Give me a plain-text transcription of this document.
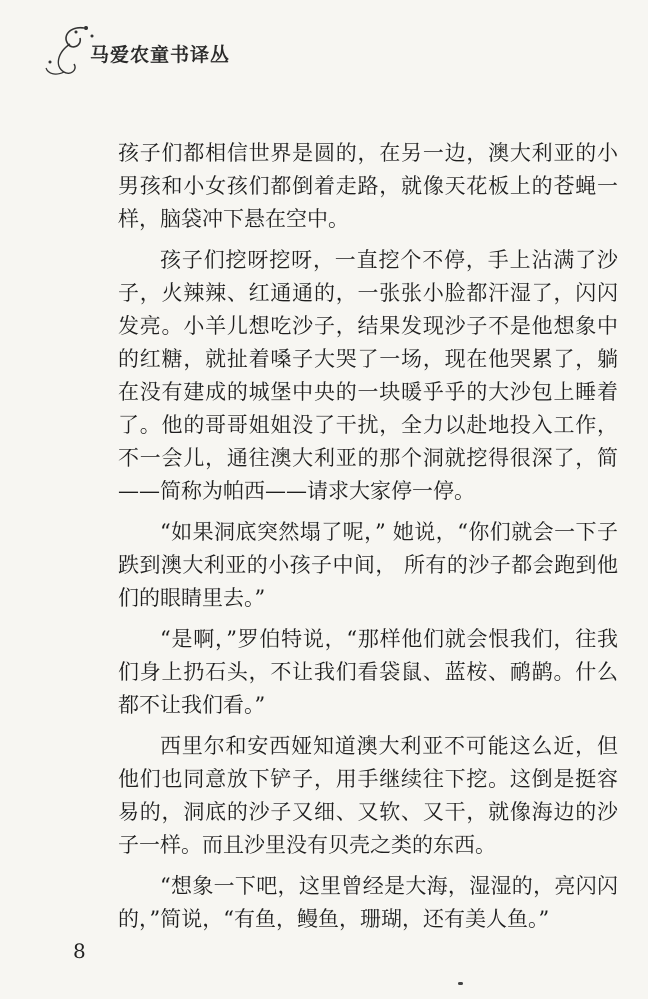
马爱农童书译丛

孩子们都相信世界是圆的，在另一边，澳大利亚的小男孩和小女孩们都倒着走路，就像天花板上的苍蝇一样，脑袋冲下悬在空中。

孩子们挖呀挖呀，一直挖个不停，手上沾满了沙子，火辣辣、红通通的，一张张小脸都汗湿了，闪闪发亮。小羊儿想吃沙子，结果发现沙子不是他想象中的红糖，就扯着嗓子大哭了一场，现在他哭累了，躺在没有建成的城堡中央的一块暖乎乎的大沙包上睡着了。他的哥哥姐姐没了干扰，全力以赴地投入工作，不一会儿，通往澳大利亚的那个洞就挖得很深了，简——简称为帕西——请求大家停一停。

“如果洞底突然塌了呢，” 她说，“你们就会一下子跌到澳大利亚的小孩子中间， 所有的沙子都会跑到他们的眼睛里去。”

“是啊，”罗伯特说，“那样他们就会恨我们，往我们身上扔石头，不让我们看袋鼠、蓝桉、鸸鹋。什么都不让我们看。”

西里尔和安西娅知道澳大利亚不可能这么近，但他们也同意放下铲子，用手继续往下挖。这倒是挺容易的，洞底的沙子又细、又软、又干，就像海边的沙子一样。而且沙里没有贝壳之类的东西。

“想象一下吧，这里曾经是大海，湿湿的，亮闪闪的，”简说，“有鱼，鳗鱼，珊瑚，还有美人鱼。”

8
